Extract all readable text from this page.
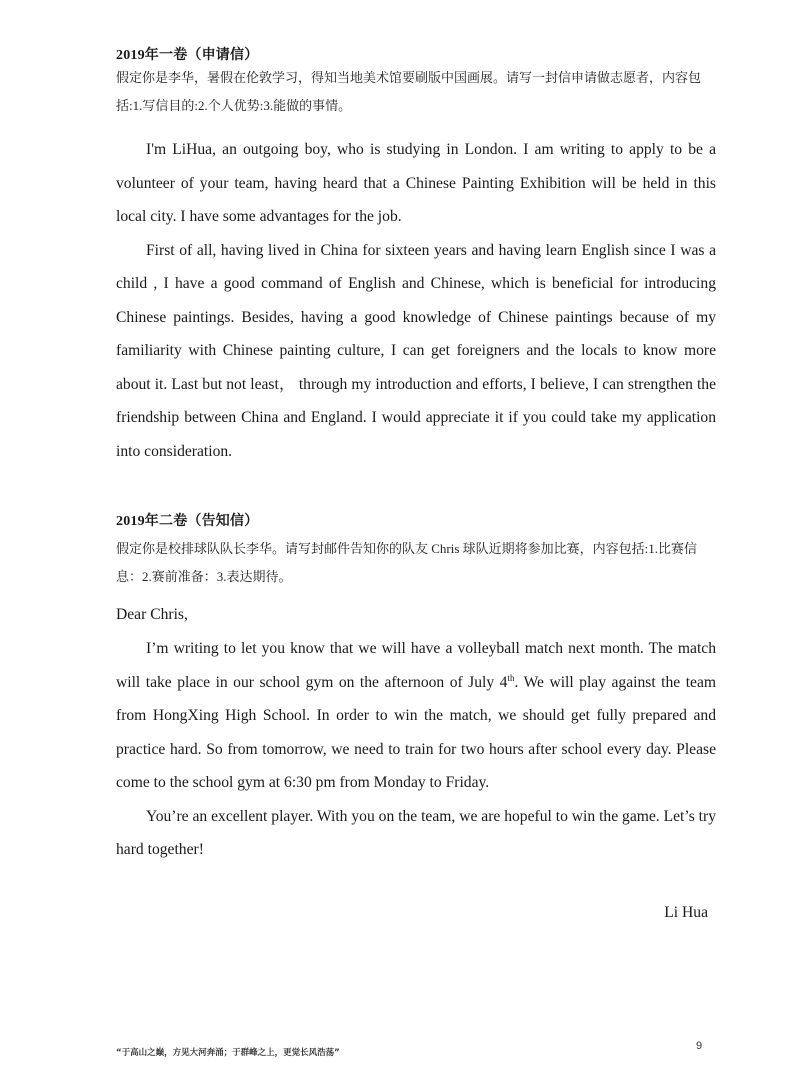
2019年一卷（申请信）
假定你是李华，暑假在伦敦学习，得知当地美术馆要刷版中国画展。请写一封信申请做志愿者，内容包括:1.写信目的:2.个人优势:3.能做的事情。

I'm LiHua, an outgoing boy, who is studying in London. I am writing to apply to be a volunteer of your team, having heard that a Chinese Painting Exhibition will be held in this local city. I have some advantages for the job.

First of all, having lived in China for sixteen years and having learn English since I was a child , I have a good command of English and Chinese, which is beneficial for introducing Chinese paintings. Besides, having a good knowledge of Chinese paintings because of my familiarity with Chinese painting culture, I can get foreigners and the locals to know more about it. Last but not least， through my introduction and efforts, I believe, I can strengthen the friendship between China and England. I would appreciate it if you could take my application into consideration.

2019年二卷（告知信）
假定你是校排球队队长李华。请写封邮件告知你的队友 Chris 球队近期将参加比赛，内容包括:1.比赛信息：2.赛前准备：3.表达期待。
Dear Chris,

I’m writing to let you know that we will have a volleyball match next month. The match will take place in our school gym on the afternoon of July 4th. We will play against the team from HongXing High School. In order to win the match, we should get fully prepared and practice hard. So from tomorrow, we need to train for two hours after school every day. Please come to the school gym at 6:30 pm from Monday to Friday.

You’re an excellent player. With you on the team, we are hopeful to win the game. Let’s try hard together!

Li Hua
“于高山之巅，方见大河奔涌；于群峰之上，更觉长风浩荡”
9
